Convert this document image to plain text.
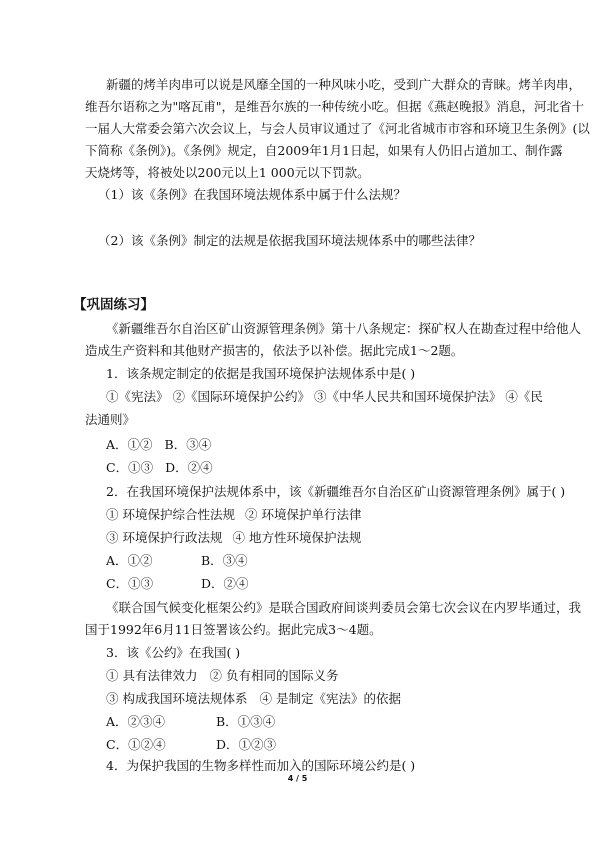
新疆的烤羊肉串可以说是风靡全国的一种风味小吃，受到广大群众的青睐。烤羊肉串，
维吾尔语称之为"喀瓦甫"，是维吾尔族的一种传统小吃。但据《燕赵晚报》消息，河北省十
一届人大常委会第六次会议上，与会人员审议通过了《河北省城市市容和环境卫生条例》(以
下简称《条例》)。《条例》规定，自2009年1月1日起，如果有人仍旧占道加工、制作露
天烧烤等，将被处以200元以上1 000元以下罚款。
（1）该《条例》在我国环境法规体系中属于什么法规？
（2）该《条例》制定的法规是依据我国环境法规体系中的哪些法律？
【巩固练习】
《新疆维吾尔自治区矿山资源管理条例》第十八条规定：探矿权人在勘查过程中给他人
造成生产资料和其他财产损害的，依法予以补偿。据此完成1～2题。
1．该条规定制定的依据是我国环境保护法规体系中是( )
①《宪法》 ②《国际环境保护公约》 ③《中华人民共和国环境保护法》 ④《民
法通则》
A．①② B．③④
C．①③ D．②④
2．在我国环境保护法规体系中，该《新疆维吾尔自治区矿山资源管理条例》属于( )
① 环境保护综合性法规 ② 环境保护单行法律
③ 环境保护行政法规 ④ 地方性环境保护法规
A．①②	B．③④
C．①③	D．②④
《联合国气候变化框架公约》是联合国政府间谈判委员会第七次会议在内罗毕通过，我
国于1992年6月11日签署该公约。据此完成3～4题。
3．该《公约》在我国( )
① 具有法律效力 ② 负有相同的国际义务
③ 构成我国环境法规体系 ④ 是制定《宪法》的依据
A．②③④	B．①③④
C．①②④	D．①②③
4．为保护我国的生物多样性而加入的国际环境公约是( )
4 / 5
